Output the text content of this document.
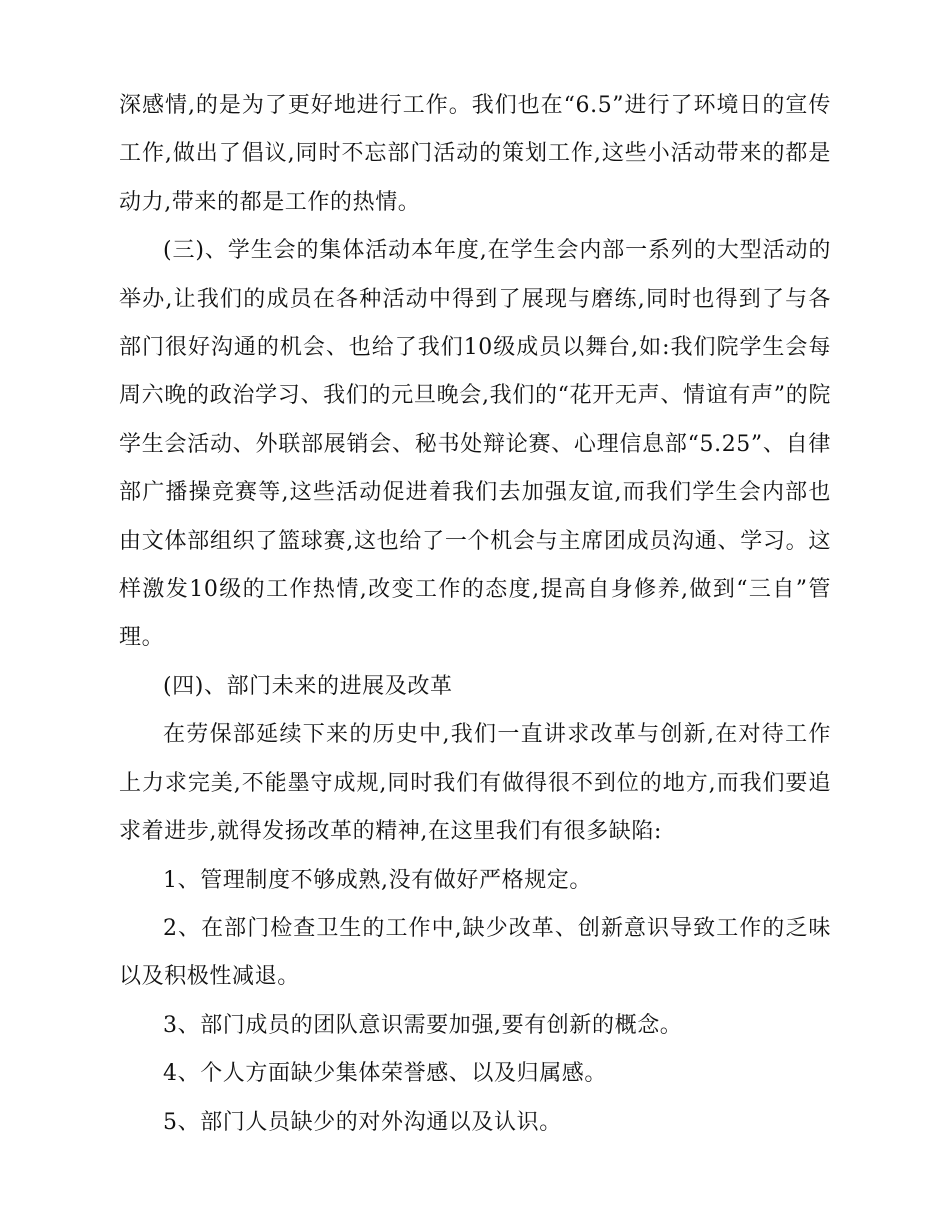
深感情,的是为了更好地进行工作。我们也在“6.5”进行了环境日的宣传工作,做出了倡议,同时不忘部门活动的策划工作,这些小活动带来的都是动力,带来的都是工作的热情。

(三)、学生会的集体活动本年度,在学生会内部一系列的大型活动的举办,让我们的成员在各种活动中得到了展现与磨练,同时也得到了与各部门很好沟通的机会、也给了我们10级成员以舞台,如:我们院学生会每周六晚的政治学习、我们的元旦晚会,我们的“花开无声、情谊有声”的院学生会活动、外联部展销会、秘书处辩论赛、心理信息部“5.25”、自律部广播操竞赛等,这些活动促进着我们去加强友谊,而我们学生会内部也由文体部组织了篮球赛,这也给了一个机会与主席团成员沟通、学习。这样激发10级的工作热情,改变工作的态度,提高自身修养,做到“三自”管理。

(四)、部门未来的进展及改革

在劳保部延续下来的历史中,我们一直讲求改革与创新,在对待工作上力求完美,不能墨守成规,同时我们有做得很不到位的地方,而我们要追求着进步,就得发扬改革的精神,在这里我们有很多缺陷:

1、管理制度不够成熟,没有做好严格规定。

2、在部门检查卫生的工作中,缺少改革、创新意识导致工作的乏味以及积极性减退。

3、部门成员的团队意识需要加强,要有创新的概念。

4、个人方面缺少集体荣誉感、以及归属感。

5、部门人员缺少的对外沟通以及认识。
